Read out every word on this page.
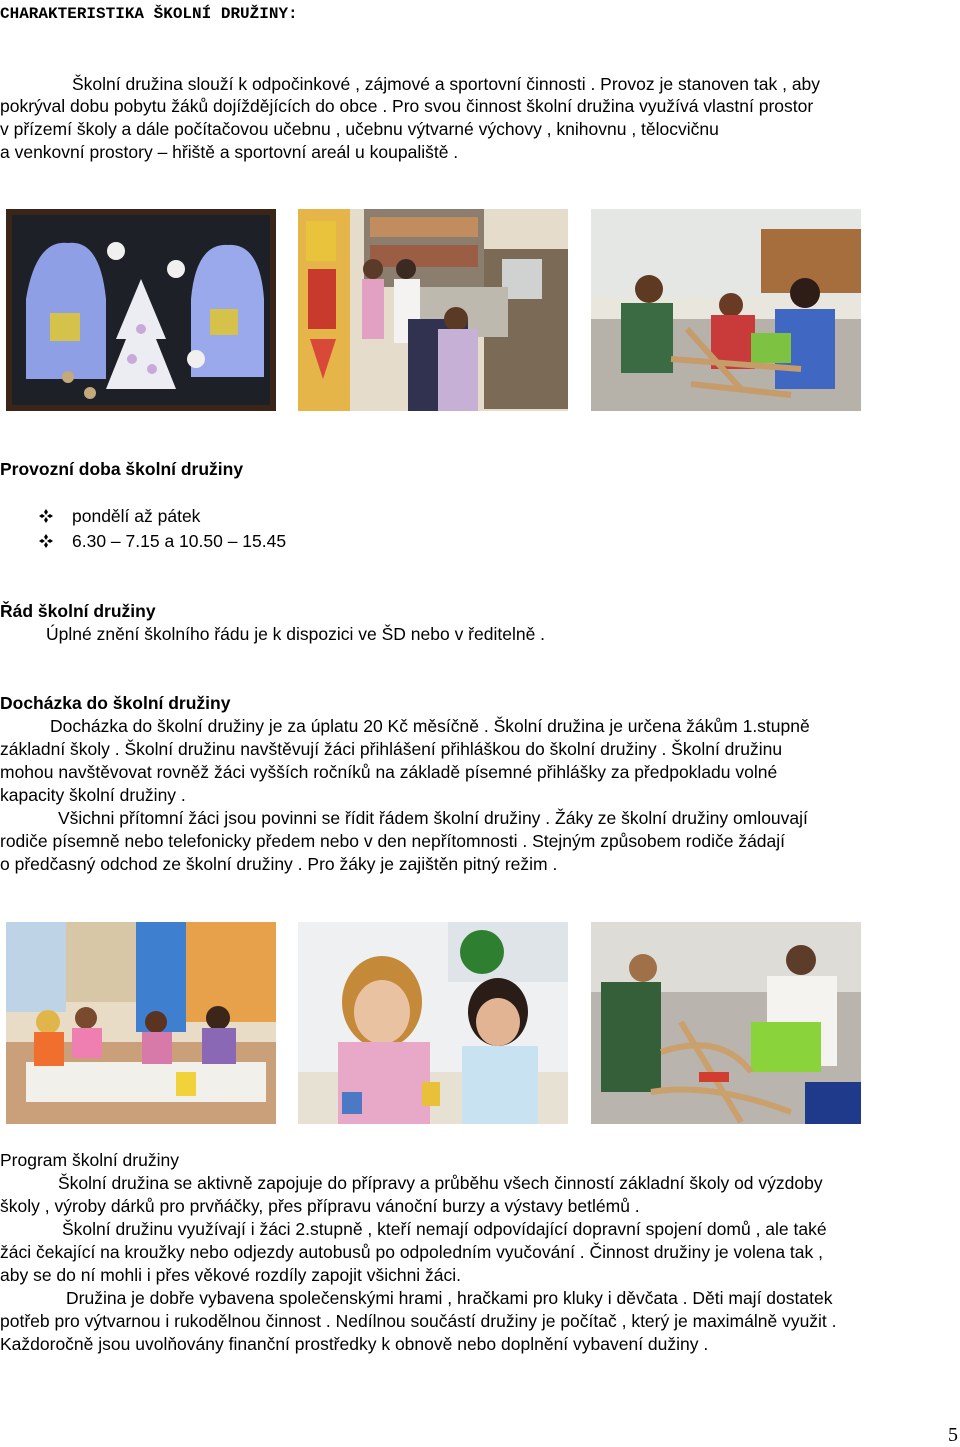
CHARAKTERISTIKA ŠKOLNÍ DRUŽINY:
Školní družina slouží k odpočinkové , zájmové a sportovní činnosti . Provoz je stanoven tak , aby
pokrýval dobu pobytu žáků dojíždějících do obce . Pro svou činnost školní družina využívá vlastní prostor
v přízemí školy a dále počítačovou učebnu , učebnu výtvarné výchovy , knihovnu , tělocvičnu
a venkovní prostory – hřiště a sportovní areál u koupaliště .
Provozní doba školní družiny
pondělí až pátek
6.30 – 7.15 a 10.50 – 15.45
Řád školní družiny
Úplné znění školního řádu je k dispozici ve ŠD nebo v ředitelně .
Docházka do školní družiny
Docházka do školní družiny je za úplatu 20 Kč měsíčně . Školní družina je určena žákům 1.stupně
základní školy . Školní družinu navštěvují žáci přihlášení přihláškou do školní družiny . Školní družinu
mohou navštěvovat rovněž žáci vyšších ročníků na základě písemné přihlášky za předpokladu volné
kapacity školní družiny .
Všichni přítomní žáci jsou povinni se řídit řádem školní družiny . Žáky ze školní družiny omlouvají
rodiče písemně nebo telefonicky předem nebo v den nepřítomnosti . Stejným způsobem rodiče žádají
o předčasný odchod ze školní družiny . Pro žáky je zajištěn pitný režim .
Program školní družiny
Školní družina se aktivně zapojuje do přípravy a průběhu všech činností základní školy od výzdoby
školy , výroby dárků pro prvňáčky, přes přípravu vánoční burzy a výstavy betlémů .
Školní družinu využívají i žáci 2.stupně , kteří nemají odpovídající dopravní spojení domů , ale také
žáci čekající na kroužky nebo odjezdy autobusů po odpoledním vyučování . Činnost družiny je volena tak ,
aby se do ní mohli i přes věkové rozdíly zapojit všichni žáci.
Družina je dobře vybavena společenskými hrami , hračkami pro kluky i děvčata . Děti mají dostatek
potřeb pro výtvarnou i rukodělnou činnost . Nedílnou součástí družiny je počítač , který je maximálně využit .
Každoročně jsou uvolňovány finanční prostředky k obnově nebo doplnění vybavení dužiny .
5
